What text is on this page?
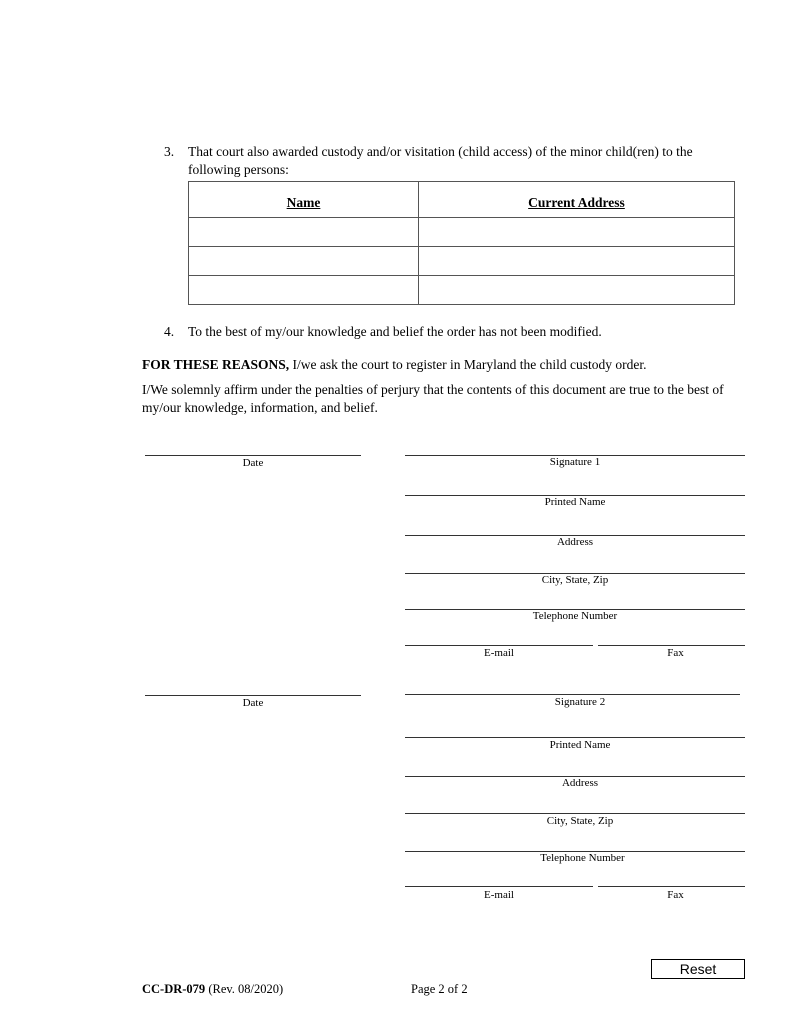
3. That court also awarded custody and/or visitation (child access) of the minor child(ren) to the following persons:
Name	Current Address

4. To the best of my/our knowledge and belief the order has not been modified.
FOR THESE REASONS, I/we ask the court to register in Maryland the child custody order.
I/We solemnly affirm under the penalties of perjury that the contents of this document are true to the best of my/our knowledge, information, and belief.
Date	Signature 1
Printed Name
Address
City, State, Zip
Telephone Number
E-mail	Fax
Date	Signature 2
Printed Name
Address
City, State, Zip
Telephone Number
E-mail	Fax
Reset
CC-DR-079 (Rev. 08/2020)	Page 2 of 2
